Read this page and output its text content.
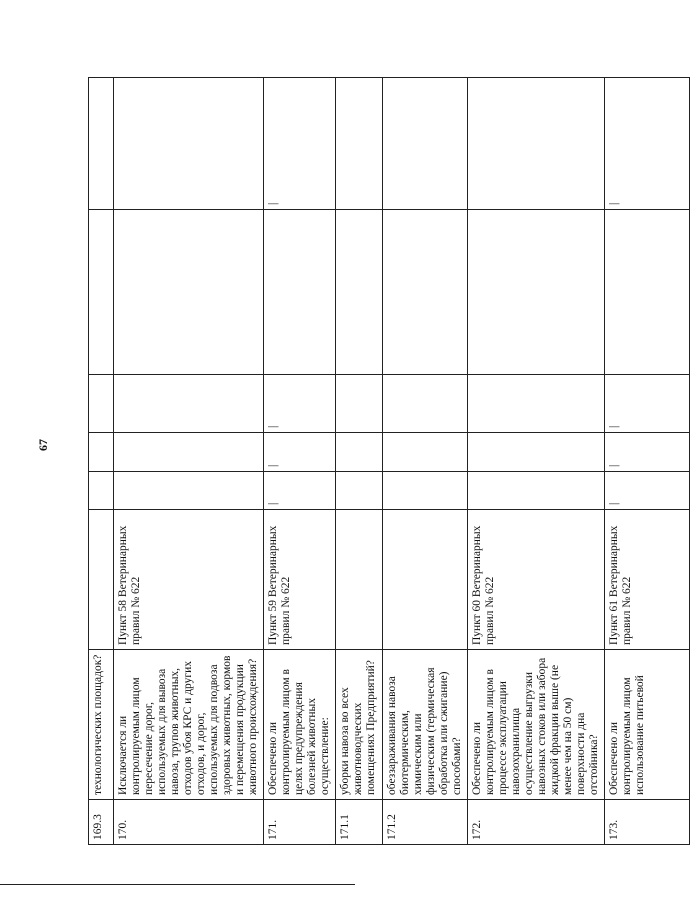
67
169.3	технологических площадок?						
170.	Исключается ли контролируемым лицом пересечение дорог, используемых для вывоза навоза, трупов животных, отходов убоя КРС и других отходов, и дорог, используемых для подвоза здоровых животных, кормов и перемещения продукции животного происхождения?	Пункт 58 Ветеринарных правил № 622					
171.	Обеспечено ли контролируемым лицом в целях предупреждения болезней животных осуществление:	Пункт 59 Ветеринарных правил № 622	|	|	|		|
171.1	уборки навоза во всех животноводческих помещениях Предприятий?						
171.2	обеззараживания навоза биотермическим, химическим или физическим (термическая обработка или сжигание) способами?						
172.	Обеспечено ли контролируемым лицом в процессе эксплуатации навозохранилища осуществление выгрузки навозных стоков или забора жидкой фракции выше (не менее чем на 50 см) поверхности дна отстойника?	Пункт 60 Ветеринарных правил № 622					
173.	Обеспечено ли контролируемым лицом использование питьевой	Пункт 61 Ветеринарных правил № 622	|	|	|		|
